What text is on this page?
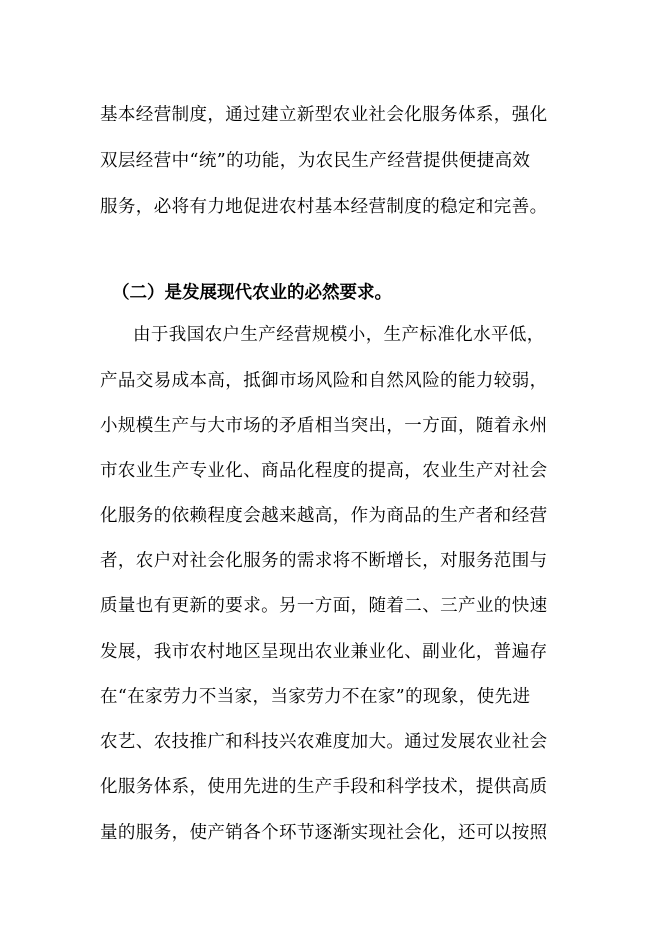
基本经营制度，通过建立新型农业社会化服务体系，强化
双层经营中“统”的功能，为农民生产经营提供便捷高效
服务，必将有力地促进农村基本经营制度的稳定和完善。
（二）是发展现代农业的必然要求。
由于我国农户生产经营规模小，生产标准化水平低，
产品交易成本高，抵御市场风险和自然风险的能力较弱，
小规模生产与大市场的矛盾相当突出，一方面，随着永州
市农业生产专业化、商品化程度的提高，农业生产对社会
化服务的依赖程度会越来越高，作为商品的生产者和经营
者，农户对社会化服务的需求将不断增长，对服务范围与
质量也有更新的要求。另一方面，随着二、三产业的快速
发展，我市农村地区呈现出农业兼业化、副业化，普遍存
在“在家劳力不当家，当家劳力不在家”的现象，使先进
农艺、农技推广和科技兴农难度加大。通过发展农业社会
化服务体系，使用先进的生产手段和科学技术，提供高质
量的服务，使产销各个环节逐渐实现社会化，还可以按照
